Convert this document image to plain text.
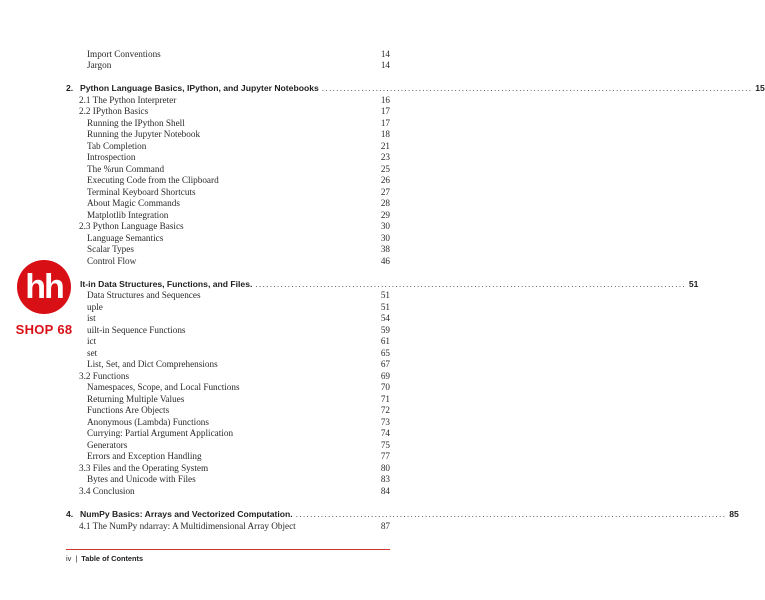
Import Conventions	14
Jargon	14
2. Python Language Basics, IPython, and Jupyter Notebooks ........................................................................................................................ 15
2.1 The Python Interpreter	16
2.2 IPython Basics	17
Running the IPython Shell	17
Running the Jupyter Notebook	18
Tab Completion	21
Introspection	23
The %run Command	25
Executing Code from the Clipboard	26
Terminal Keyboard Shortcuts	27
About Magic Commands	28
Matplotlib Integration	29
2.3 Python Language Basics	30
Language Semantics	30
Scalar Types	38
Control Flow	46
lt-in Data Structures, Functions, and Files. ........................................................................................................................ 51
Data Structures and Sequences	51
uple	51
ist	54
uilt-in Sequence Functions	59
ict	61
set	65
List, Set, and Dict Comprehensions	67
3.2 Functions	69
Namespaces, Scope, and Local Functions	70
Returning Multiple Values	71
Functions Are Objects	72
Anonymous (Lambda) Functions	73
Currying: Partial Argument Application	74
Generators	75
Errors and Exception Handling	77
3.3 Files and the Operating System	80
Bytes and Unicode with Files	83
3.4 Conclusion	84
4. NumPy Basics: Arrays and Vectorized Computation. ........................................................................................................................ 85
4.1 The NumPy ndarray: A Multidimensional Array Object	87
hh
SHOP 68
iv | Table of Contents
